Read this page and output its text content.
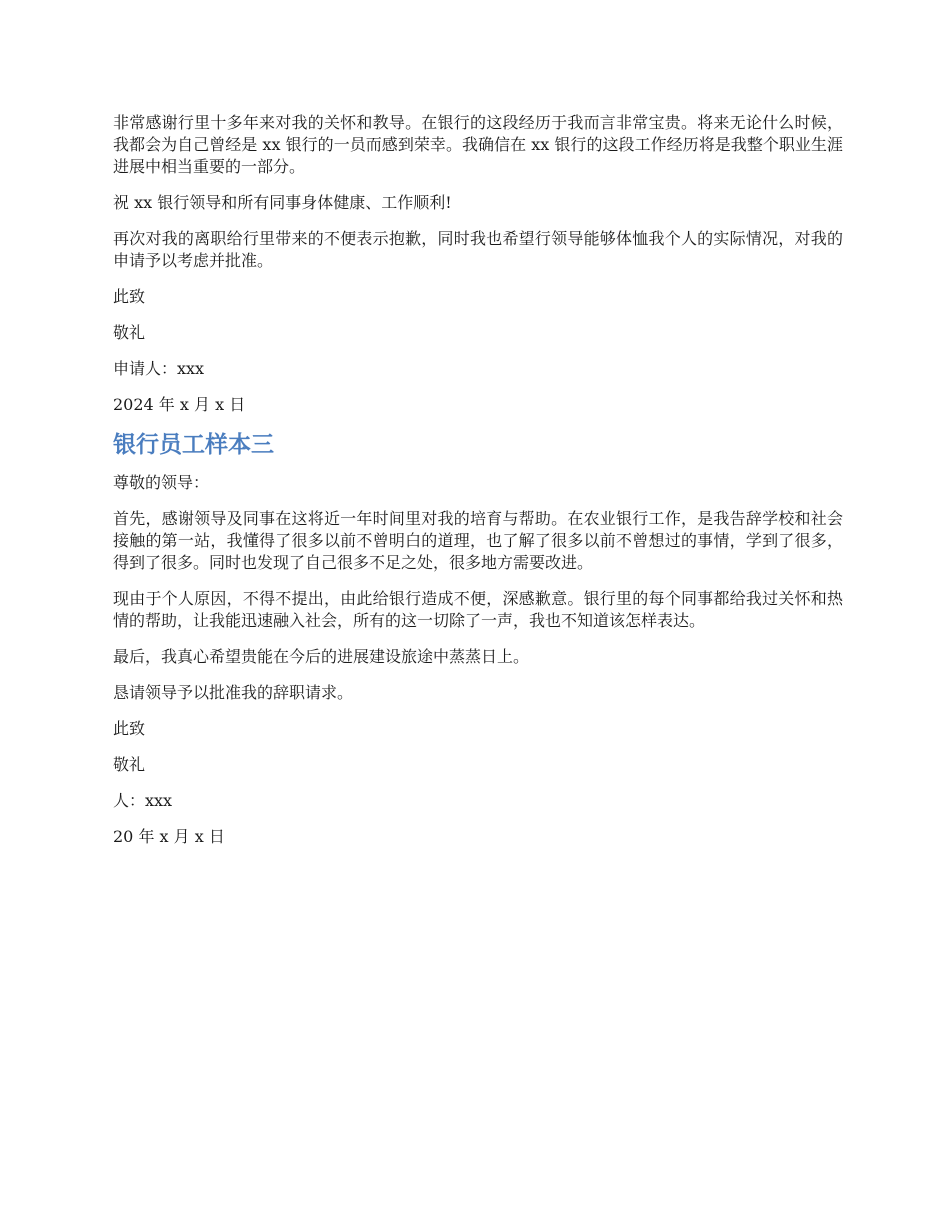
非常感谢行里十多年来对我的关怀和教导。在银行的这段经历于我而言非常宝贵。将来无论什么时候，我都会为自己曾经是 xx 银行的一员而感到荣幸。我确信在 xx 银行的这段工作经历将是我整个职业生涯进展中相当重要的一部分。

祝 xx 银行领导和所有同事身体健康、工作顺利!

再次对我的离职给行里带来的不便表示抱歉，同时我也希望行领导能够体恤我个人的实际情况，对我的申请予以考虑并批准。

此致

敬礼

申请人：xxx

2024 年 x 月 x 日

银行员工样本三

尊敬的领导：

首先，感谢领导及同事在这将近一年时间里对我的培育与帮助。在农业银行工作，是我告辞学校和社会接触的第一站，我懂得了很多以前不曾明白的道理，也了解了很多以前不曾想过的事情，学到了很多，得到了很多。同时也发现了自己很多不足之处，很多地方需要改进。

现由于个人原因，不得不提出，由此给银行造成不便，深感歉意。银行里的每个同事都给我过关怀和热情的帮助，让我能迅速融入社会，所有的这一切除了一声，我也不知道该怎样表达。

最后，我真心希望贵能在今后的进展建设旅途中蒸蒸日上。

恳请领导予以批准我的辞职请求。

此致

敬礼

人：xxx

20 年 x 月 x 日
